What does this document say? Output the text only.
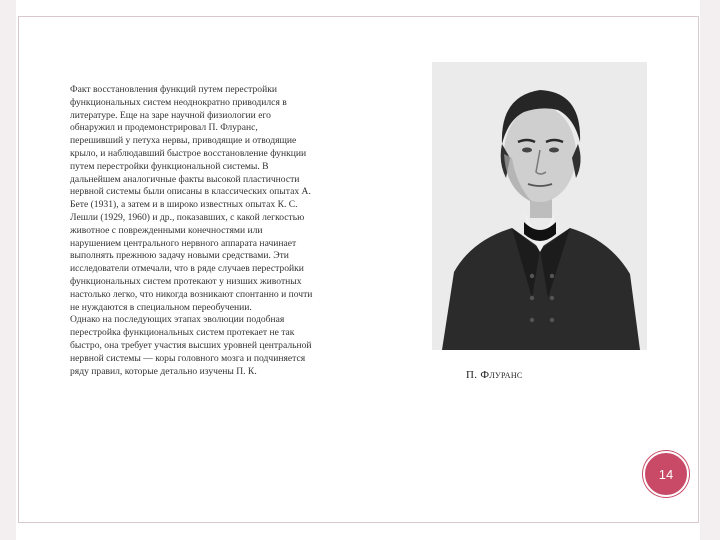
Факт восстановления функций путем перестройки
функциональных систем неоднократно приводился в
литературе. Еще на заре научной физиологии его
обнаружил и продемонстрировал П. Флуранс,
перешивший у петуха нервы, приводящие и отводящие
крыло, и наблюдавший быстрое восстановление функции
путем перестройки функциональной системы. В
дальнейшем аналогичные факты высокой пластичности
нервной системы были описаны в классических опытах А.
Бете (1931), а затем и в широко известных опытах К. С.
Лешли (1929, 1960) и др., показавших, с какой легкостью
животное с поврежденными конечностями или
нарушением центрального нервного аппарата начинает
выполнять прежнюю задачу новыми средствами. Эти
исследователи отмечали, что в ряде случаев перестройки
функциональных систем протекают у низших животных
настолько легко, что никогда возникают спонтанно и почти
не нуждаются в специальном переобучении.
Однако на последующих этапах эволюции подобная
перестройка функциональных систем протекает не так
быстро, она требует участия высших уровней центральной
нервной системы — коры головного мозга и подчиняется
ряду правил, которые детально изучены П. К.	П. Флуранс
14
